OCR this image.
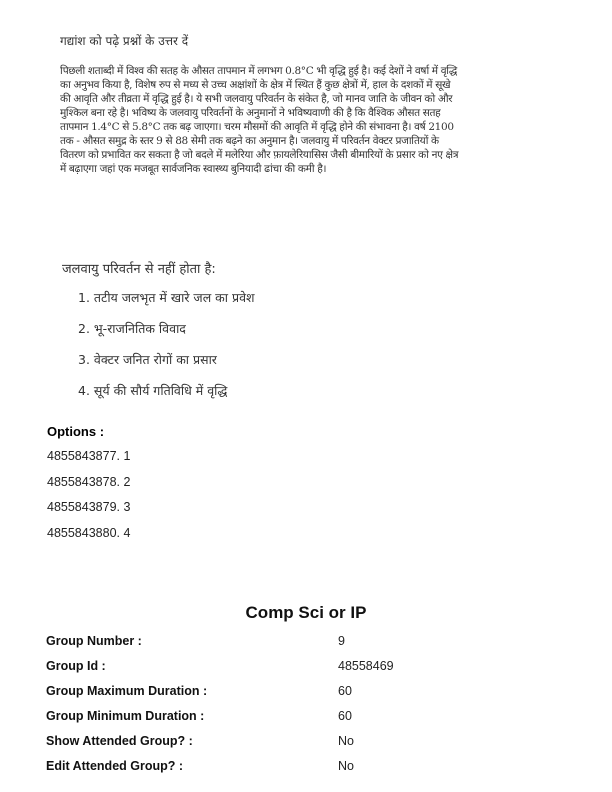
गद्यांश को पढ़े प्रश्नों के उत्तर दें
पिछली शताब्दी में विश्व की सतह के औसत तापमान में लगभग 0.8°C भी वृद्धि हुई है। कई देशों ने वर्षा में वृद्धि का अनुभव किया है, विशेष रुप से मध्य से उच्च अक्षांशों के क्षेत्र में स्थित हैं कुछ क्षेत्रों में, हाल के दशकों में सूखे की आवृति और तीव्रता में वृद्धि हुई है। ये सभी जलवायु परिवर्तन के संकेत है, जो मानव जाति के जीवन को और मुश्किल बना रहे है। भविष्य के जलवायु परिवर्तनों के अनुमानों ने भविष्यवाणी की है कि वैश्विक औसत सतह तापमान 1.4°C से 5.8°C तक बढ़ जाएगा। चरम मौसमों की आवृति में वृद्धि होने की संभावना है। वर्ष 2100 तक - औसत समुद्र के स्तर 9 से 88 सेमी तक बढ़ने का अनुमान है। जलवायु में परिवर्तन वेक्टर प्रजातियों के वितरण को प्रभावित कर सकता है जो बदले में मलेरिया और फ़ायलेरियासिस जैसी बीमारियों के प्रसार को नए क्षेत्र में बढ़ाएगा जहां एक मजबूत सार्वजनिक स्वास्थ्य बुनियादी ढांचा की कमी है।
जलवायु परिवर्तन से नहीं होता है:
1. तटीय जलभृत में खारे जल का प्रवेश
2. भू-राजनितिक विवाद
3. वेक्टर जनित रोगों का प्रसार
4. सूर्य की सौर्य गतिविधि में वृद्धि
Options :
4855843877. 1
4855843878. 2
4855843879. 3
4855843880. 4
Comp Sci or IP
Group Number :	9
Group Id :	48558469
Group Maximum Duration :	60
Group Minimum Duration :	60
Show Attended Group? :	No
Edit Attended Group? :	No
